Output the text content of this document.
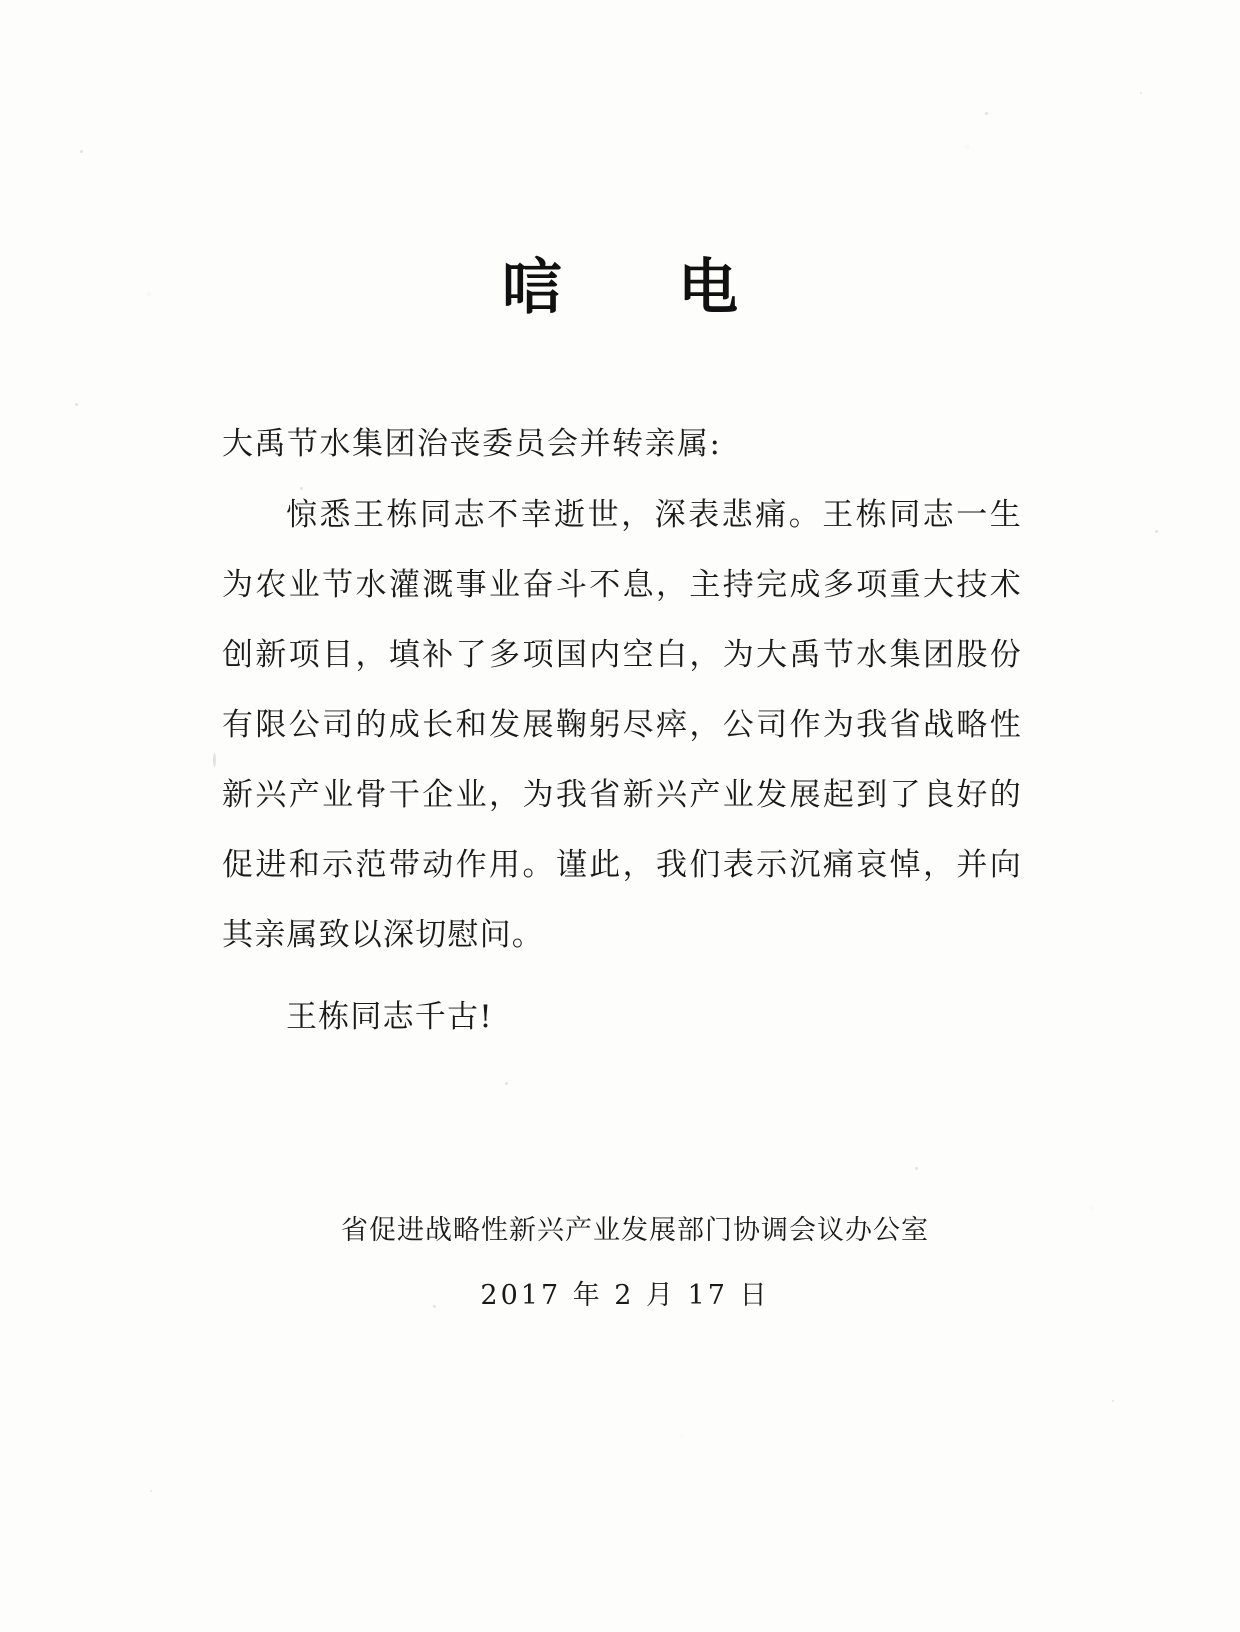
唁　电
大禹节水集团治丧委员会并转亲属:
惊悉王栋同志不幸逝世，深表悲痛。王栋同志一生为农业节水灌溉事业奋斗不息，主持完成多项重大技术创新项目，填补了多项国内空白，为大禹节水集团股份有限公司的成长和发展鞠躬尽瘁，公司作为我省战略性新兴产业骨干企业，为我省新兴产业发展起到了良好的促进和示范带动作用。谨此，我们表示沉痛哀悼，并向其亲属致以深切慰问。
王栋同志千古!
省促进战略性新兴产业发展部门协调会议办公室
2017 年 2 月 17 日
